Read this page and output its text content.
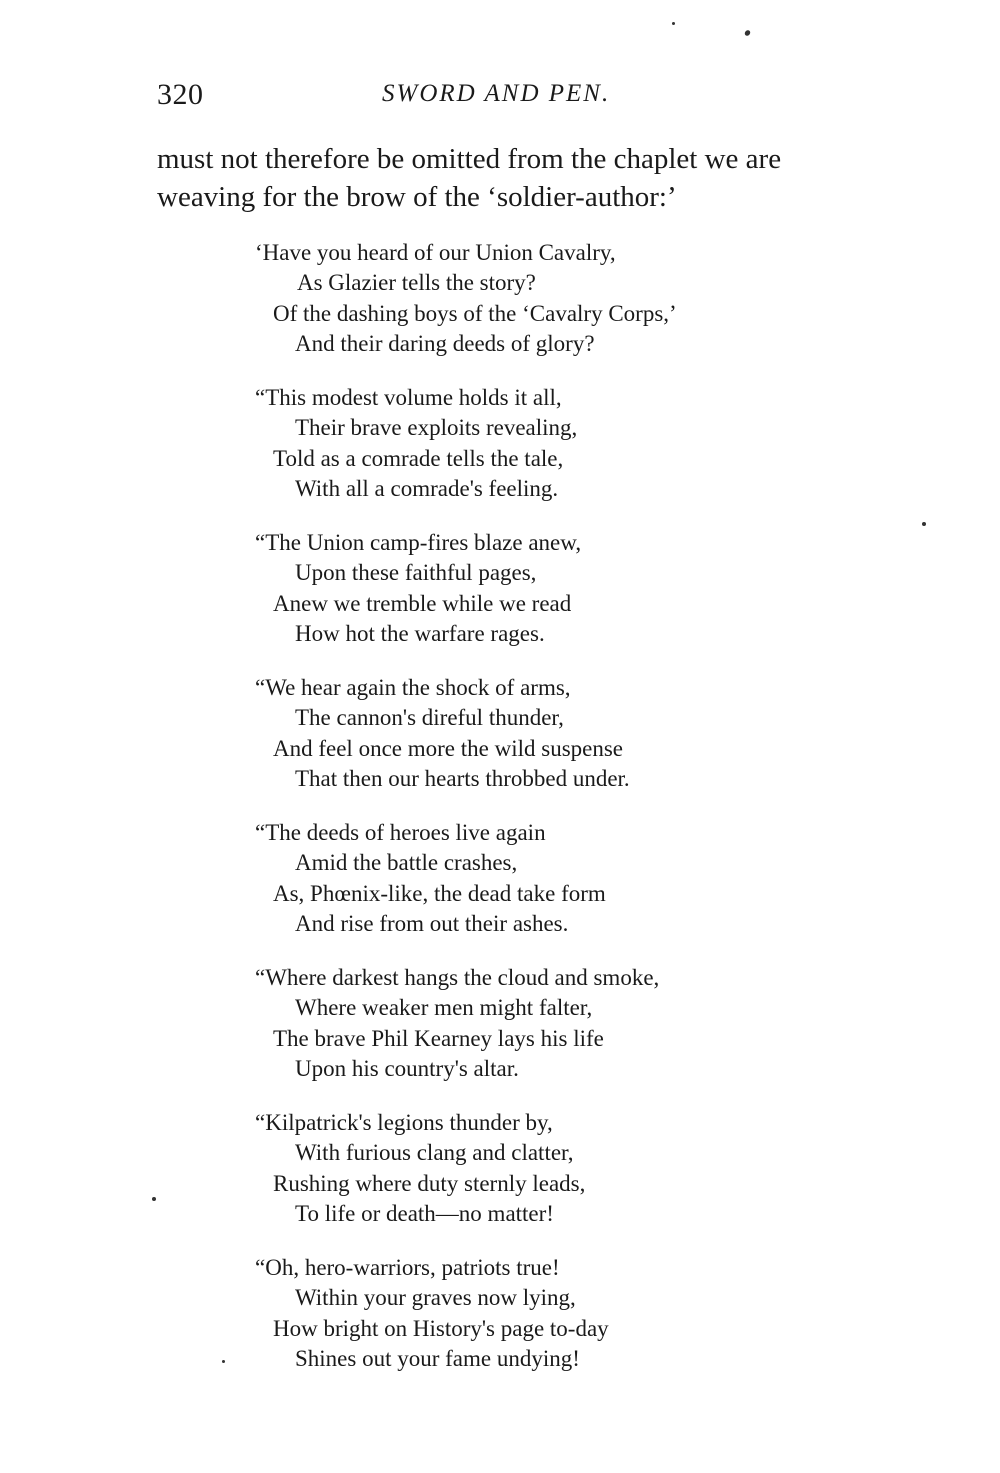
320	SWORD AND PEN.

must not therefore be omitted from the chaplet we are

weaving for the brow of the ‘soldier-author:’

‘Have you heard of our Union Cavalry,
As Glazier tells the story?
Of the dashing boys of the ‘Cavalry Corps,’
And their daring deeds of glory?
“This modest volume holds it all,
Their brave exploits revealing,
Told as a comrade tells the tale,
With all a comrade's feeling.
“The Union camp-fires blaze anew,
Upon these faithful pages,
Anew we tremble while we read
How hot the warfare rages.
“We hear again the shock of arms,
The cannon's direful thunder,
And feel once more the wild suspense
That then our hearts throbbed under.
“The deeds of heroes live again
Amid the battle crashes,
As, Phœnix-like, the dead take form
And rise from out their ashes.
“Where darkest hangs the cloud and smoke,
Where weaker men might falter,
The brave Phil Kearney lays his life
Upon his country's altar.
“Kilpatrick's legions thunder by,
With furious clang and clatter,
Rushing where duty sternly leads,
To life or death—no matter!
“Oh, hero-warriors, patriots true!
Within your graves now lying,
How bright on History's page to-day
Shines out your fame undying!
